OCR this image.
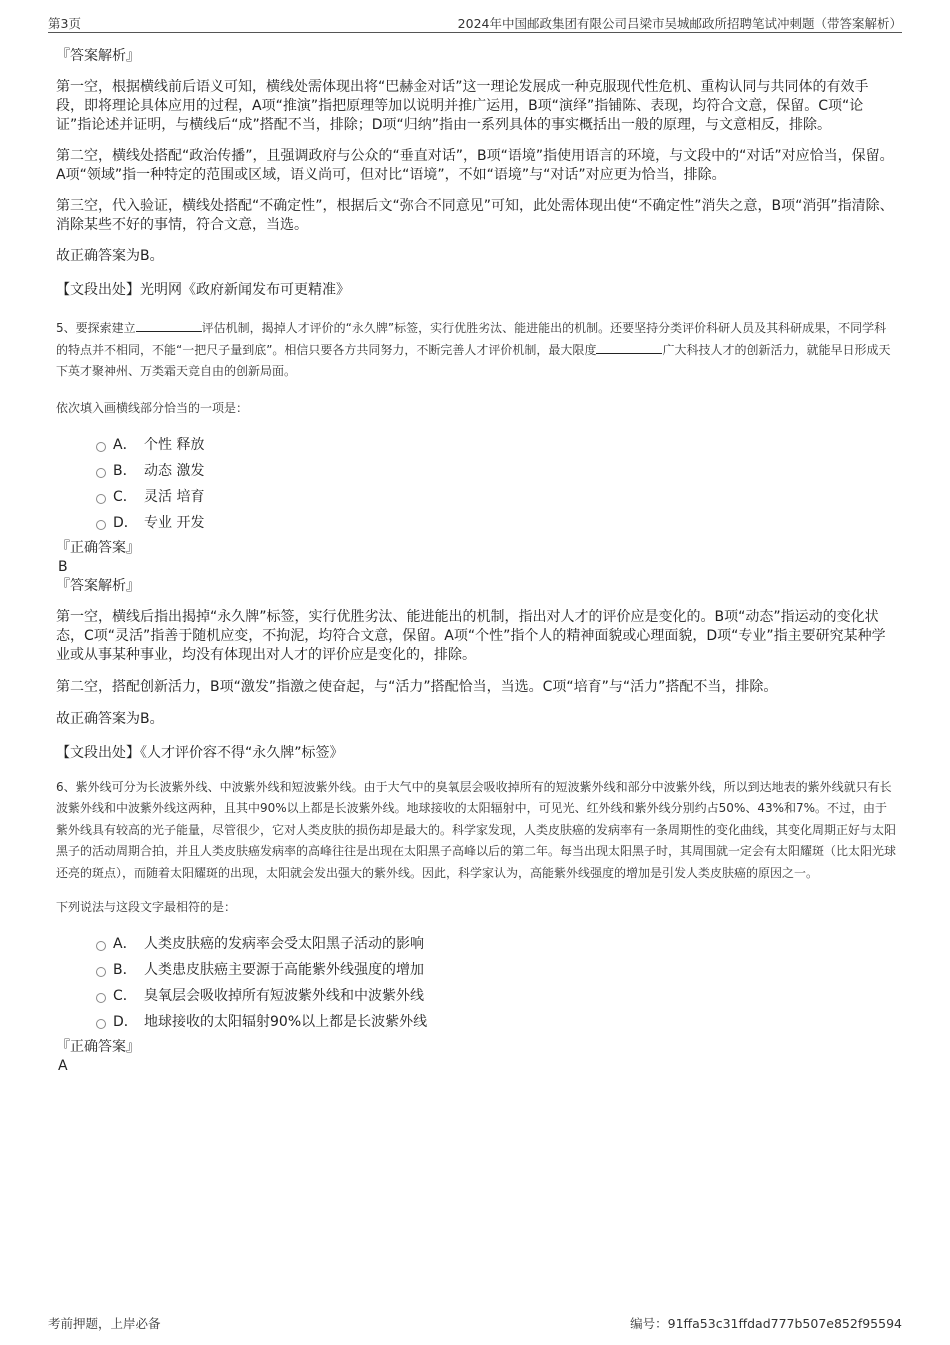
第3页	2024年中国邮政集团有限公司吕梁市吴城邮政所招聘笔试冲刺题（带答案解析）

『答案解析』

第一空，根据横线前后语义可知，横线处需体现出将“巴赫金对话”这一理论发展成一种克服现代性危机、重构认同与共同体的有效手段，即将理论具体应用的过程，A项“推演”指把原理等加以说明并推广运用，B项“演绎”指铺陈、表现，均符合文意，保留。C项“论证”指论述并证明，与横线后“成”搭配不当，排除；D项“归纳”指由一系列具体的事实概括出一般的原理，与文意相反，排除。

第二空，横线处搭配“政治传播”，且强调政府与公众的“垂直对话”，B项“语境”指使用语言的环境，与文段中的“对话”对应恰当，保留。A项“领域”指一种特定的范围或区域，语义尚可，但对比“语境”，不如“语境”与“对话”对应更为恰当，排除。

第三空，代入验证，横线处搭配“不确定性”，根据后文“弥合不同意见”可知，此处需体现出使“不确定性”消失之意，B项“消弭”指清除、消除某些不好的事情，符合文意，当选。

故正确答案为B。

【文段出处】光明网《政府新闻发布可更精准》

5、要探索建立	评估机制，揭掉人才评价的“永久牌”标签，实行优胜劣汰、能进能出的机制。还要坚持分类评价科研人员及其科研成果，不同学科的特点并不相同，不能“一把尺子量到底”。相信只要各方共同努力，不断完善人才评价机制，最大限度	广大科技人才的创新活力，就能早日形成天下英才聚神州、万类霜天竞自由的创新局面。

依次填入画横线部分恰当的一项是：

A． 个性 释放
B． 动态 激发
C． 灵活 培育
D． 专业 开发

『正确答案』

B

『答案解析』

第一空，横线后指出揭掉“永久牌”标签，实行优胜劣汰、能进能出的机制，指出对人才的评价应是变化的。B项“动态”指运动的变化状态，C项“灵活”指善于随机应变，不拘泥，均符合文意，保留。A项“个性”指个人的精神面貌或心理面貌，D项“专业”指主要研究某种学业或从事某种事业，均没有体现出对人才的评价应是变化的，排除。

第二空，搭配创新活力，B项“激发”指激之使奋起，与“活力”搭配恰当，当选。C项“培育”与“活力”搭配不当，排除。

故正确答案为B。

【文段出处】《人才评价容不得“永久牌”标签》

6、紫外线可分为长波紫外线、中波紫外线和短波紫外线。由于大气中的臭氧层会吸收掉所有的短波紫外线和部分中波紫外线，所以到达地表的紫外线就只有长波紫外线和中波紫外线这两种，且其中90%以上都是长波紫外线。地球接收的太阳辐射中，可见光、红外线和紫外线分别约占50%、43%和7%。不过，由于紫外线具有较高的光子能量，尽管很少，它对人类皮肤的损伤却是最大的。科学家发现，人类皮肤癌的发病率有一条周期性的变化曲线，其变化周期正好与太阳黑子的活动周期合拍，并且人类皮肤癌发病率的高峰往往是出现在太阳黑子高峰以后的第二年。每当出现太阳黑子时，其周围就一定会有太阳耀斑（比太阳光球还亮的斑点），而随着太阳耀斑的出现，太阳就会发出强大的紫外线。因此，科学家认为，高能紫外线强度的增加是引发人类皮肤癌的原因之一。

下列说法与这段文字最相符的是：

A． 人类皮肤癌的发病率会受太阳黑子活动的影响
B． 人类患皮肤癌主要源于高能紫外线强度的增加
C． 臭氧层会吸收掉所有短波紫外线和中波紫外线
D． 地球接收的太阳辐射90%以上都是长波紫外线

『正确答案』

A

考前押题，上岸必备	编号：91ffa53c31ffdad777b507e852f95594
